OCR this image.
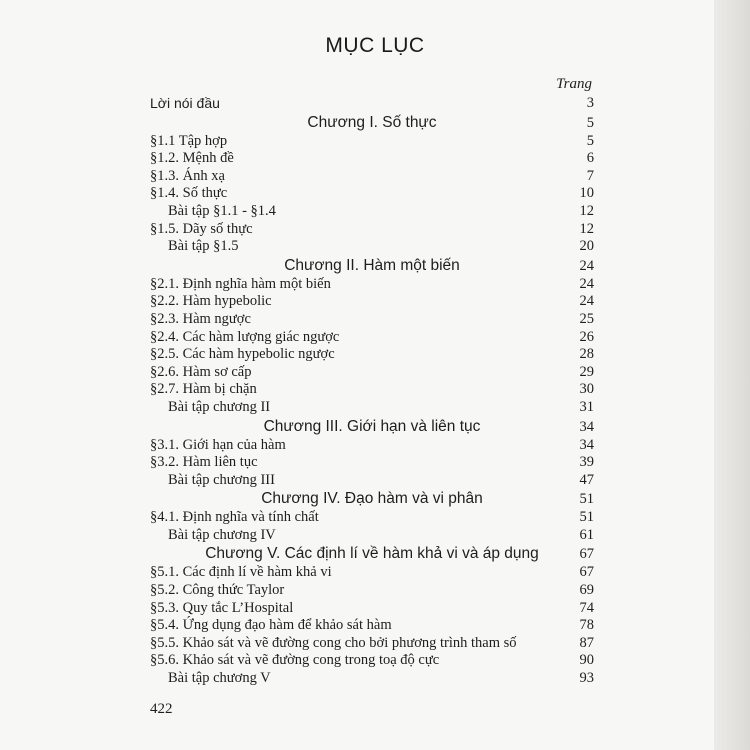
MỤC LỤC
Trang
Lời nói đầu	3
Chương I. Số thực	5
§1.1 Tập hợp	5
§1.2. Mệnh đề	6
§1.3. Ánh xạ	7
§1.4. Số thực	10
Bài tập §1.1 - §1.4	12
§1.5. Dãy số thực	12
Bài tập §1.5	20
Chương II. Hàm một biến	24
§2.1. Định nghĩa hàm một biến	24
§2.2. Hàm hypebolic	24
§2.3. Hàm ngược	25
§2.4. Các hàm lượng giác ngược	26
§2.5. Các hàm hypebolic ngược	28
§2.6. Hàm sơ cấp	29
§2.7. Hàm bị chặn	30
Bài tập chương II	31
Chương III. Giới hạn và liên tục	34
§3.1. Giới hạn của hàm	34
§3.2. Hàm liên tục	39
Bài tập chương III	47
Chương IV. Đạo hàm và vi phân	51
§4.1. Định nghĩa và tính chất	51
Bài tập chương IV	61
Chương V. Các định lí về hàm khả vi và áp dụng	67
§5.1. Các định lí về hàm khả vi	67
§5.2. Công thức Taylor	69
§5.3. Quy tắc L’Hospital	74
§5.4. Ứng dụng đạo hàm để khảo sát hàm	78
§5.5. Khảo sát và vẽ đường cong cho bởi phương trình tham số	87
§5.6. Khảo sát và vẽ đường cong trong toạ độ cực	90
Bài tập chương V	93
422
